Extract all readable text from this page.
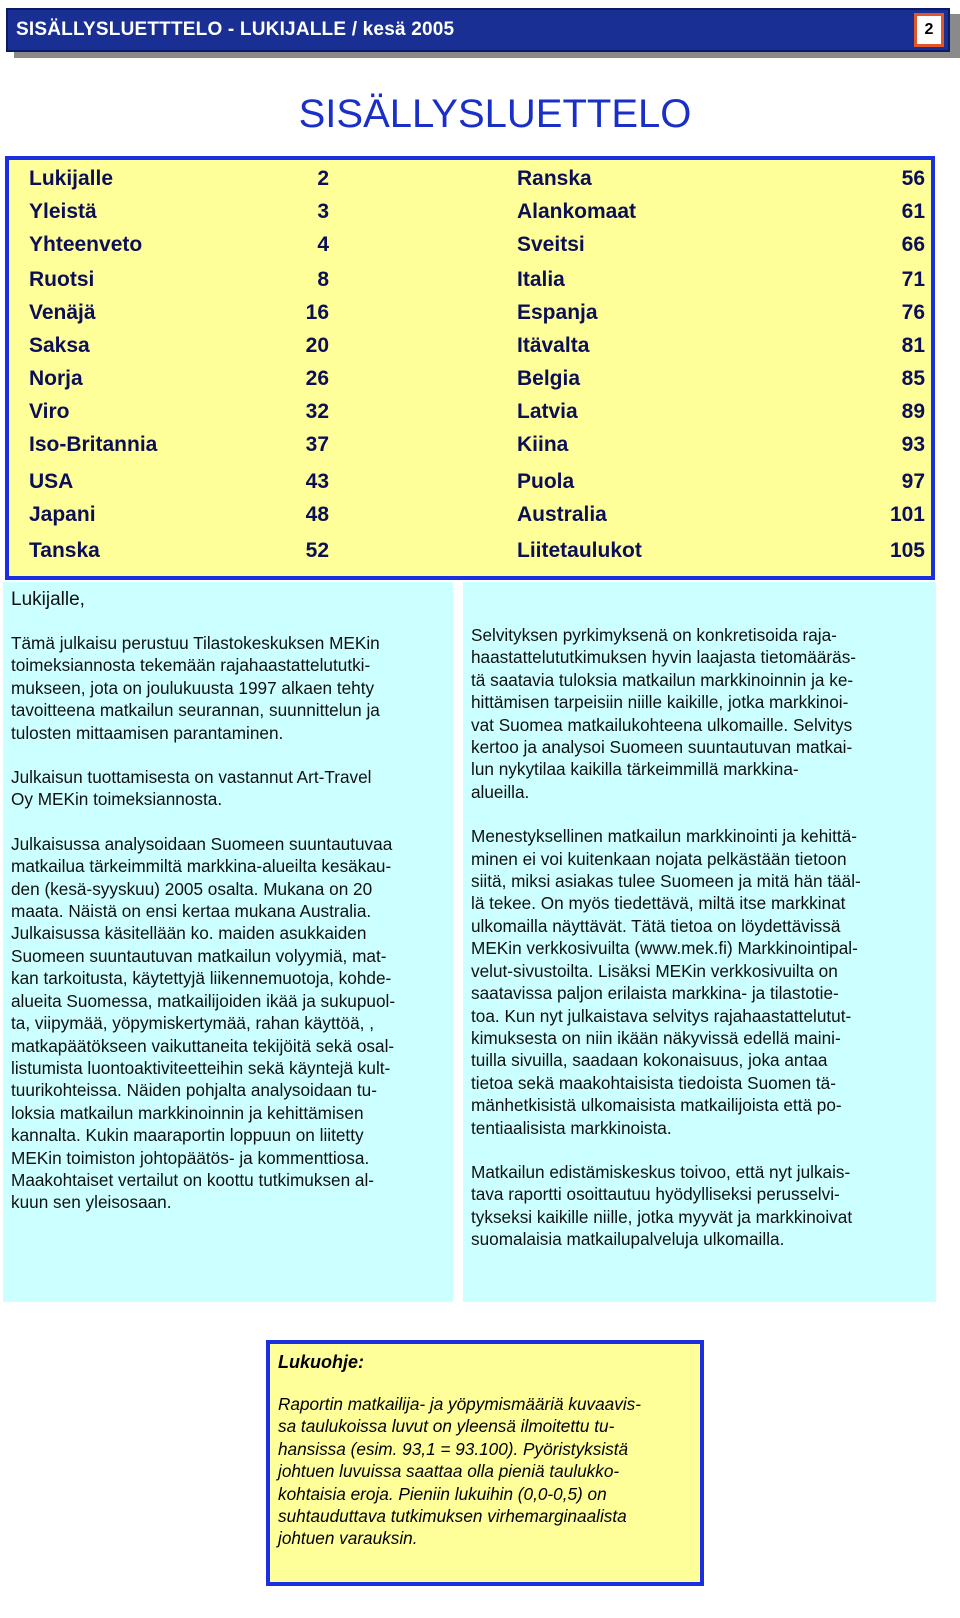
SISÄLLYSLUETTTELO - LUKIJALLE / kesä 2005	2
SISÄLLYSLUETTELO
Lukijalle	2
Yleistä	3
Yhteenveto	4
Ruotsi	8
Venäjä	16
Saksa	20
Norja	26
Viro	32
Iso-Britannia	37
USA	43
Japani	48
Tanska	52
Ranska	56
Alankomaat	61
Sveitsi	66
Italia	71
Espanja	76
Itävalta	81
Belgia	85
Latvia	89
Kiina	93
Puola	97
Australia	101
Liitetaulukot	105

Lukijalle,

Tämä julkaisu perustuu Tilastokeskuksen MEKin
toimeksiannosta tekemään rajahaastattelututki-
mukseen, jota on joulukuusta 1997 alkaen tehty
tavoitteena matkailun seurannan, suunnittelun ja
tulosten mittaamisen parantaminen.

Julkaisun tuottamisesta on vastannut Art-Travel
Oy MEKin toimeksiannosta.

Julkaisussa analysoidaan Suomeen suuntautuvaa
matkailua tärkeimmiltä markkina-alueilta kesäkau-
den (kesä-syyskuu) 2005 osalta. Mukana on 20
maata. Näistä on ensi kertaa mukana Australia.
Julkaisussa käsitellään ko. maiden asukkaiden
Suomeen suuntautuvan matkailun volyymiä, mat-
kan tarkoitusta, käytettyjä liikennemuotoja, kohde-
alueita Suomessa, matkailijoiden ikää ja sukupuol-
ta, viipymää, yöpymiskertymää, rahan käyttöä, ,
matkapäätökseen vaikuttaneita tekijöitä sekä osal-
listumista luontoaktiviteetteihin sekä käyntejä kult-
tuurikohteissa. Näiden pohjalta analysoidaan tu-
loksia matkailun markkinoinnin ja kehittämisen
kannalta. Kukin maaraportin loppuun on liitetty
MEKin toimiston johtopäätös- ja kommenttiosa.
Maakohtaiset vertailut on koottu tutkimuksen al-
kuun sen yleisosaan.

Selvityksen pyrkimyksenä on konkretisoida raja-
haastattelututkimuksen hyvin laajasta tietomääräs-
tä saatavia tuloksia matkailun markkinoinnin ja ke-
hittämisen tarpeisiin niille kaikille, jotka markkinoi-
vat Suomea matkailukohteena ulkomaille. Selvitys
kertoo ja analysoi Suomeen suuntautuvan matkai-
lun nykytilaa kaikilla tärkeimmillä markkina-
alueilla.

Menestyksellinen matkailun markkinointi ja kehittä-
minen ei voi kuitenkaan nojata pelkästään tietoon
siitä, miksi asiakas tulee Suomeen ja mitä hän tääl-
lä tekee. On myös tiedettävä, miltä itse markkinat
ulkomailla näyttävät. Tätä tietoa on löydettävissä
MEKin verkkosivuilta (www.mek.fi) Markkinointipal-
velut-sivustoilta. Lisäksi MEKin verkkosivuilta on
saatavissa paljon erilaista markkina- ja tilastotie-
toa. Kun nyt julkaistava selvitys rajahaastattelutut-
kimuksesta on niin ikään näkyvissä edellä maini-
tuilla sivuilla, saadaan kokonaisuus, joka antaa
tietoa sekä maakohtaisista tiedoista Suomen tä-
mänhetkisistä ulkomaisista matkailijoista että po-
tentiaalisista markkinoista.

Matkailun edistämiskeskus toivoo, että nyt julkais-
tava raportti osoittautuu hyödylliseksi perusselvi-
tykseksi kaikille niille, jotka myyvät ja markkinoivat
suomalaisia matkailupalveluja ulkomailla.

Lukuohje:

Raportin matkailija- ja yöpymismääriä kuvaavis-
sa taulukoissa luvut on yleensä ilmoitettu tu-
hansissa (esim. 93,1 = 93.100). Pyöristyksistä
johtuen luvuissa saattaa olla pieniä taulukko-
kohtaisia eroja. Pieniin lukuihin (0,0-0,5) on
suhtauduttava tutkimuksen virhemarginaalista
johtuen varauksin.
